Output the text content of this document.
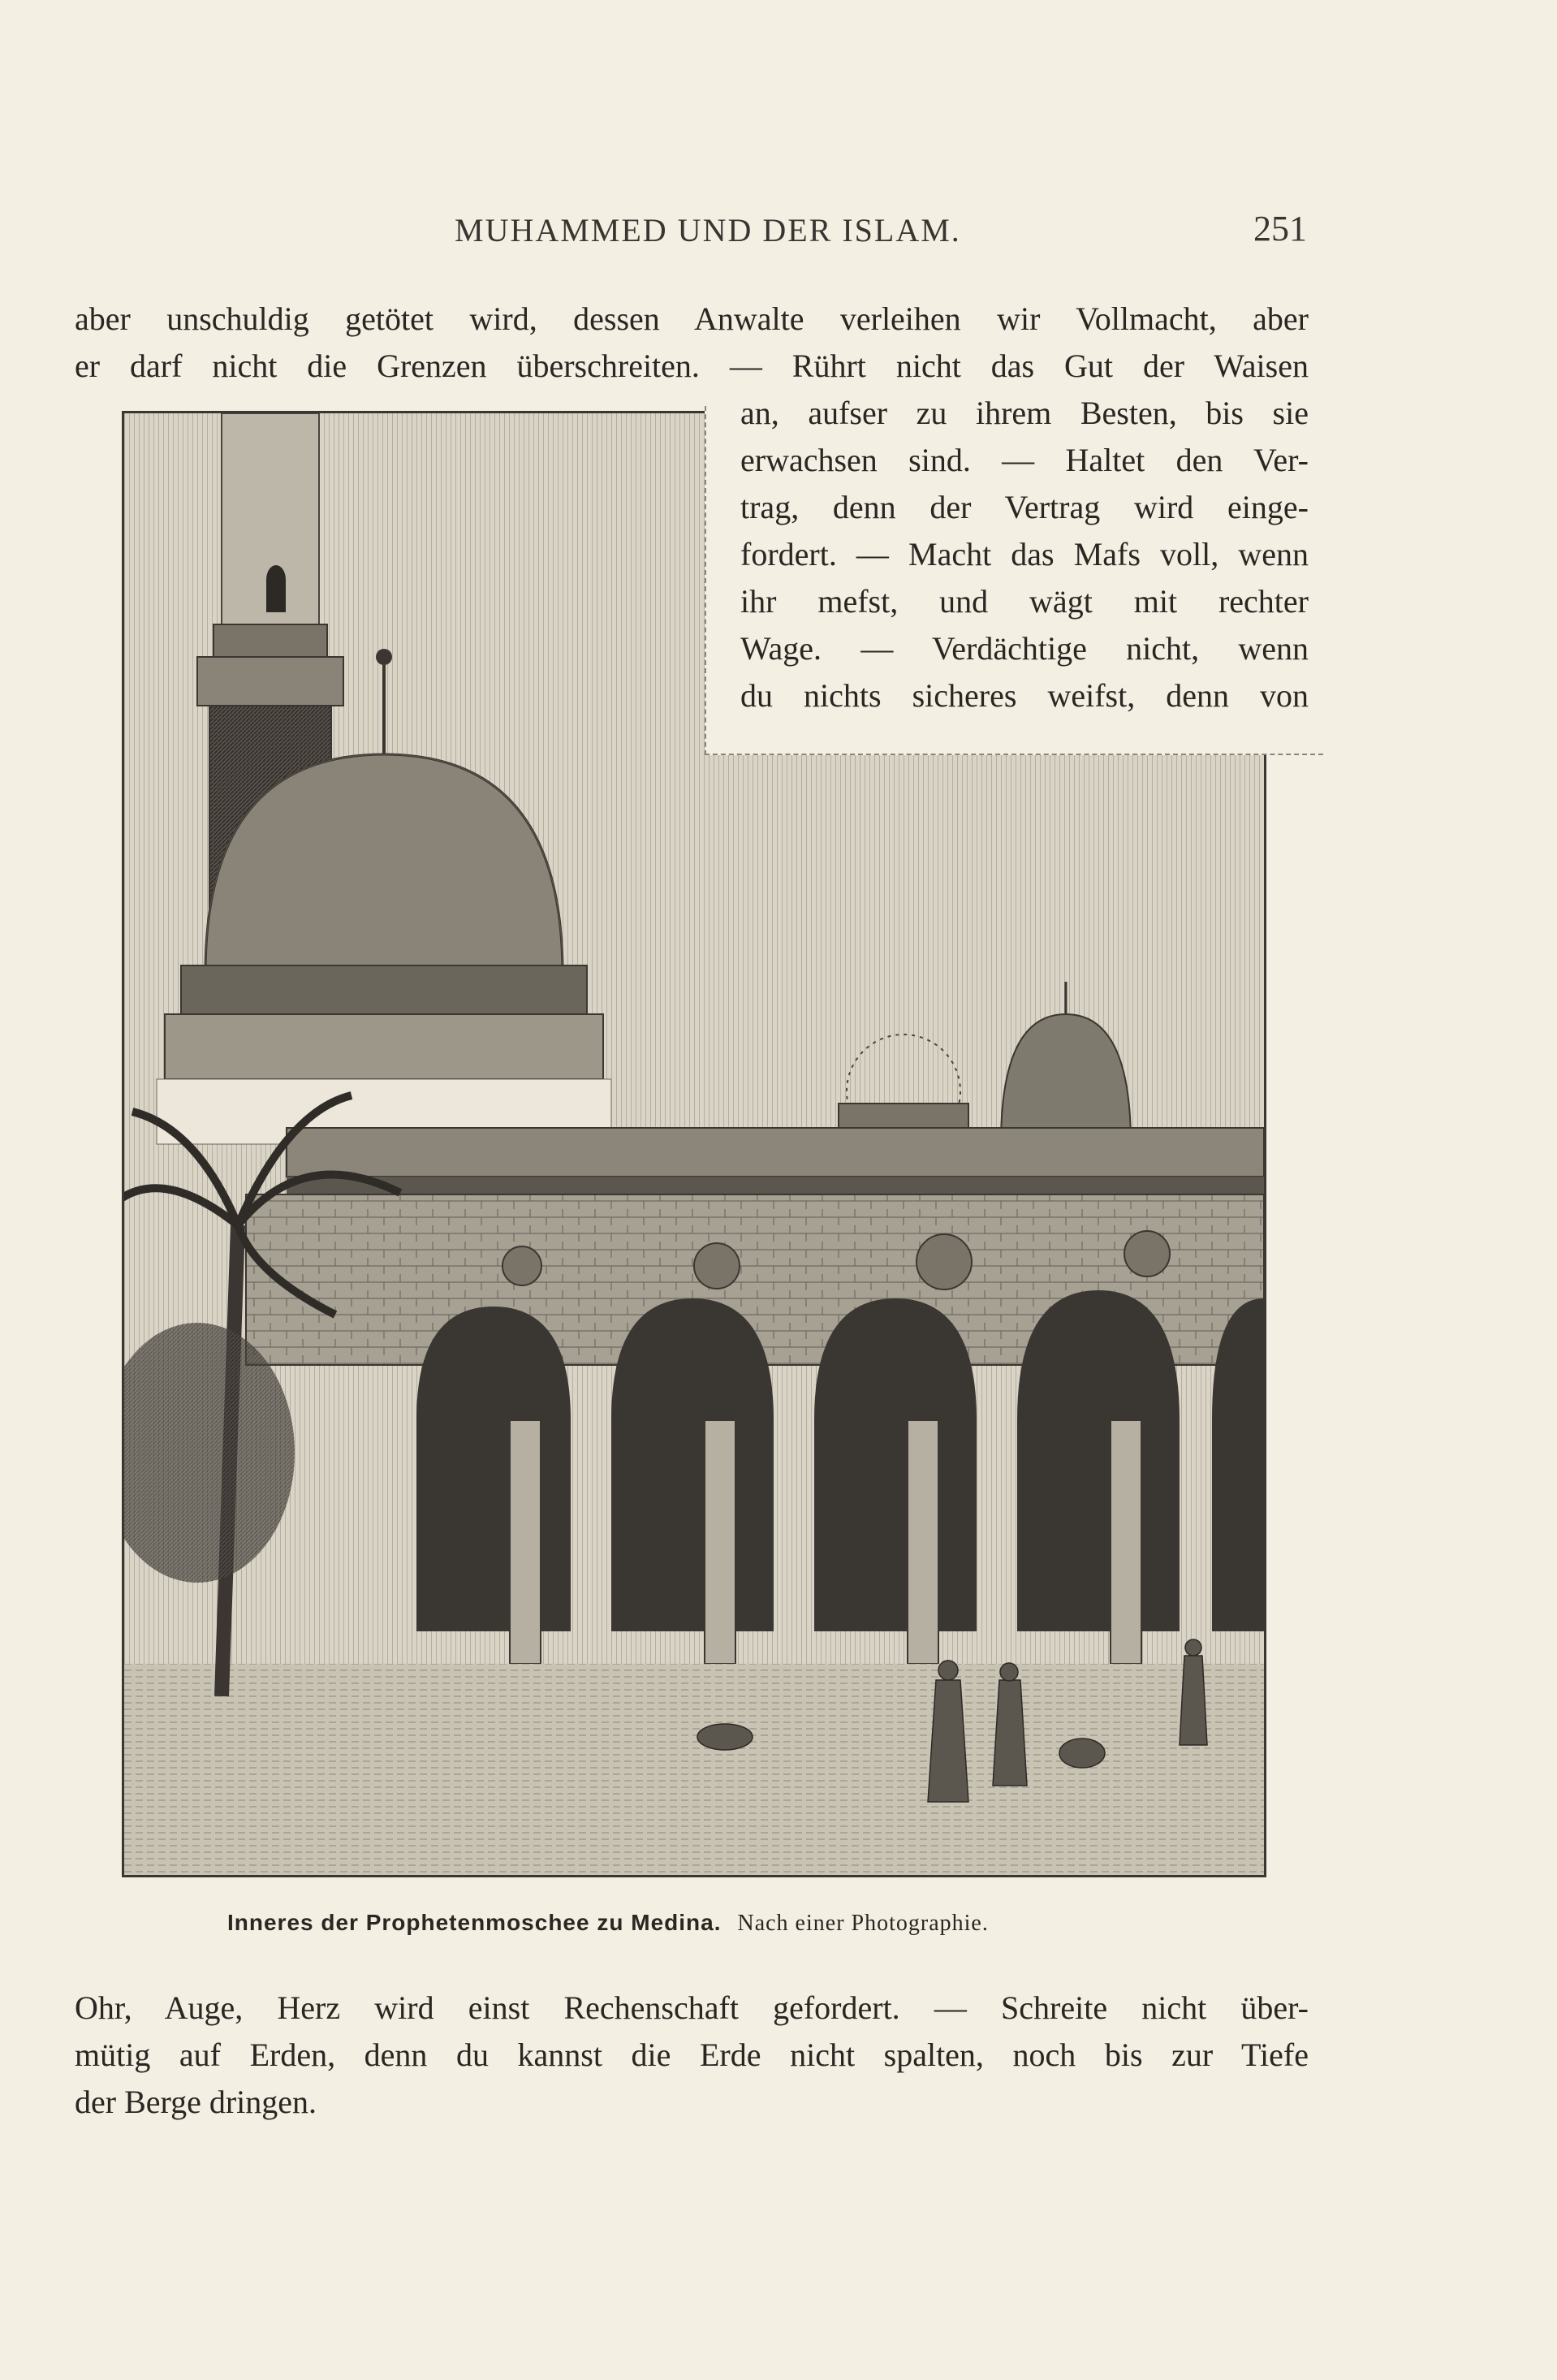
MUHAMMED UND DER ISLAM.	251
aber unschuldig getötet wird, dessen Anwalte verleihen wir Vollmacht, aber
er darf nicht die Grenzen überschreiten. — Rührt nicht das Gut der Waisen
an, aufser zu ihrem Besten, bis sie
erwachsen sind. — Haltet den Ver-
trag, denn der Vertrag wird einge-
fordert. — Macht das Mafs voll, wenn
ihr mefst, und wägt mit rechter
Wage. — Verdächtige nicht, wenn
du nichts sicheres weifst, denn von
Inneres der Prophetenmoschee zu Medina. Nach einer Photographie.
Ohr, Auge, Herz wird einst Rechenschaft gefordert. — Schreite nicht über-
mütig auf Erden, denn du kannst die Erde nicht spalten, noch bis zur Tiefe
der Berge dringen.
